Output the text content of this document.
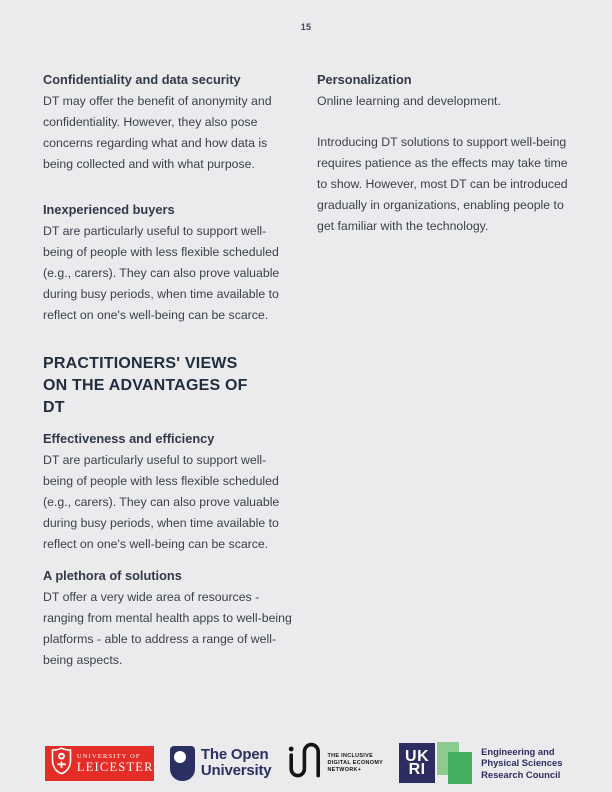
15
Confidentiality and data security
DT may offer the benefit of anonymity and confidentiality. However, they also pose concerns regarding what and how data is being collected and with what purpose.
Inexperienced buyers
DT are particularly useful to support well-being of people with less flexible scheduled (e.g., carers). They can also prove valuable during busy periods, when time available to reflect on one's well-being can be scarce.
PRACTITIONERS' VIEWS ON THE ADVANTAGES OF DT
Effectiveness and efficiency
DT are particularly useful to support well-being of people with less flexible scheduled (e.g., carers). They can also prove valuable during busy periods, when time available to reflect on one's well-being can be scarce.
A plethora of solutions
DT offer a very wide area of resources - ranging from mental health apps to well-being platforms - able to address a range of well-being aspects.
Personalization
Online learning and development.
Introducing DT solutions to support well-being requires patience as the effects may take time to show. However, most DT can be introduced gradually in organizations, enabling people to get familiar with the technology.
UNIVERSITY OF
LEICESTER
The Open
University
THE INCLUSIVE
DIGITAL ECONOMY
NETWORK+
UK
RI
Engineering and Physical Sciences Research Council
